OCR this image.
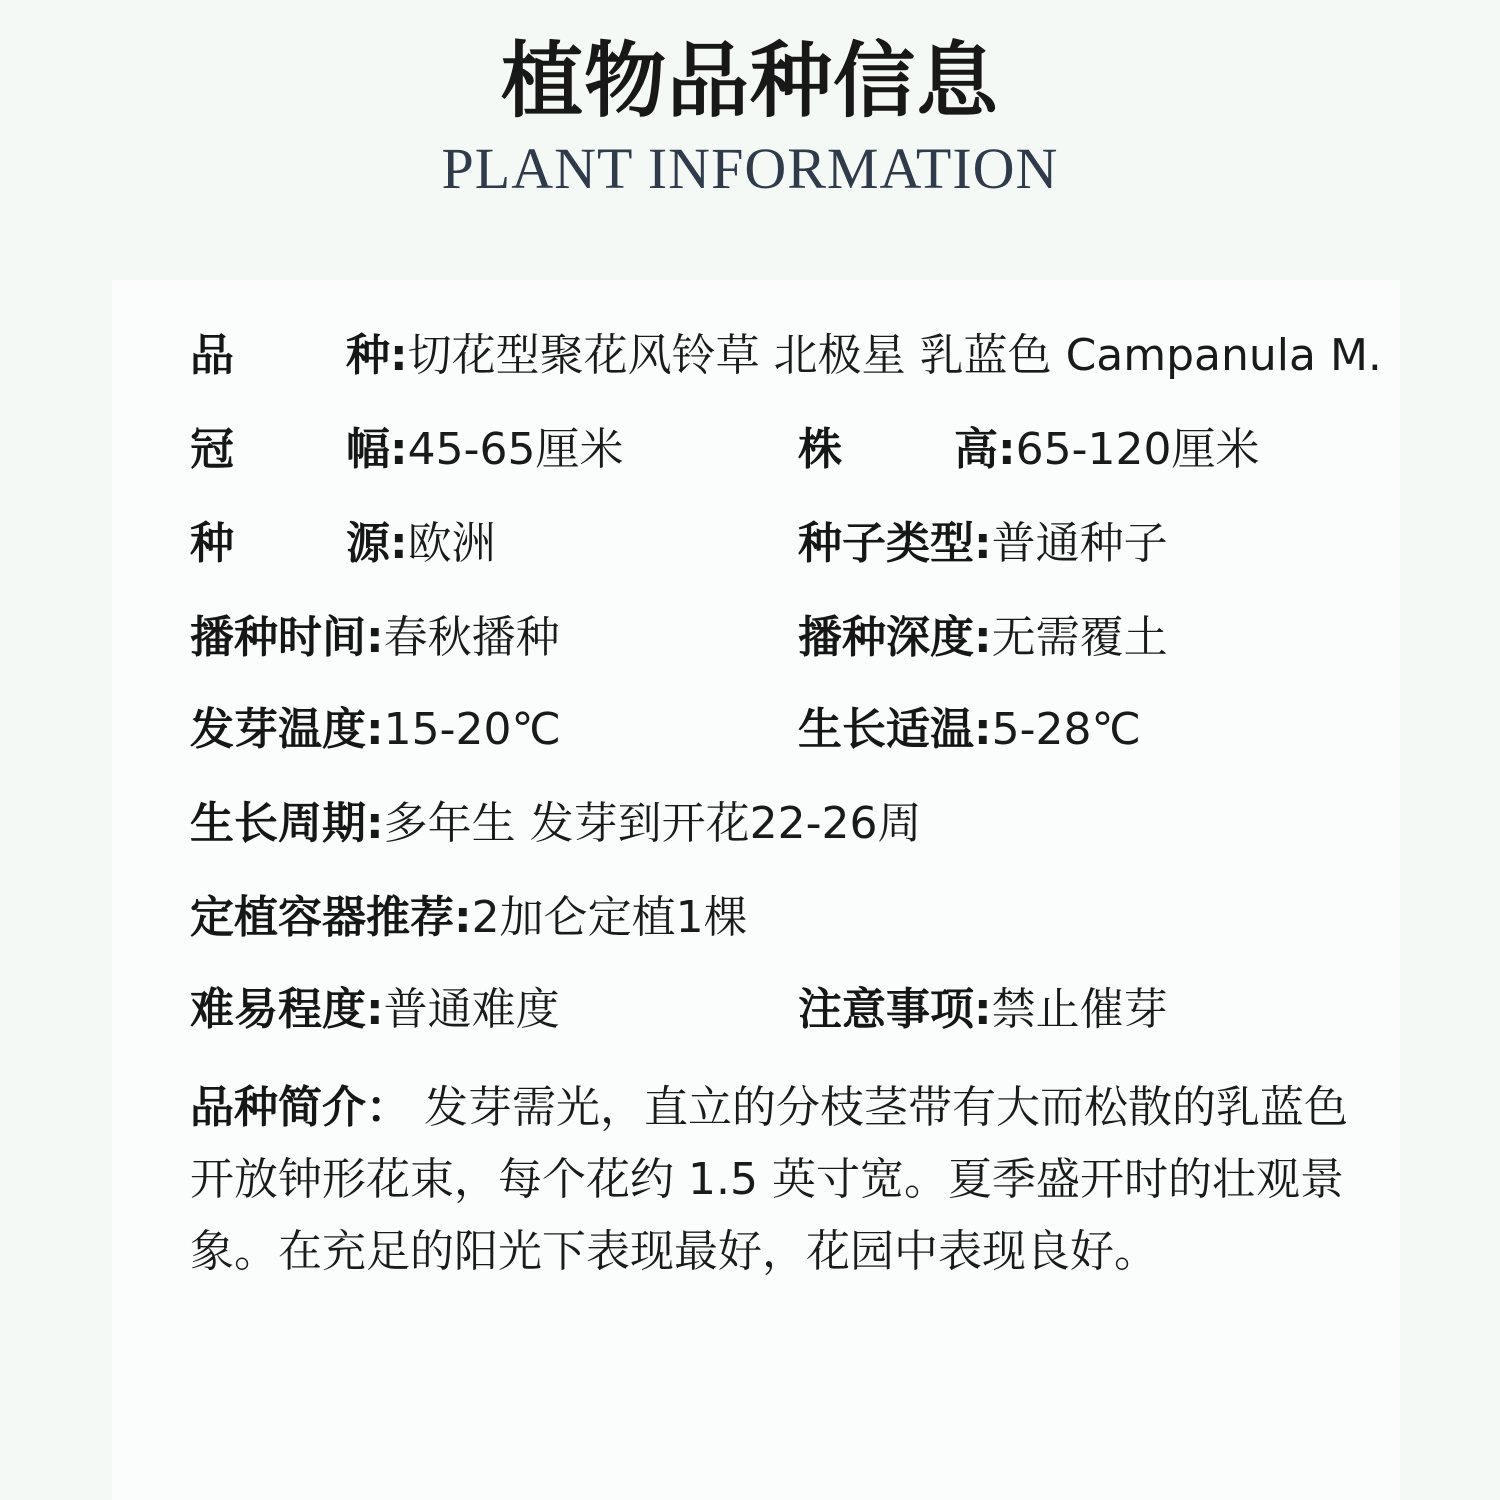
植物品种信息
PLANT INFORMATION
品种:切花型聚花风铃草 北极星 乳蓝色 Campanula M.
冠幅:45-65厘米	株高:65-120厘米
种源:欧洲	种子类型:普通种子
播种时间:春秋播种	播种深度:无需覆土
发芽温度:15-20℃	生长适温:5-28℃
生长周期:多年生 发芽到开花22-26周
定植容器推荐:2加仑定植1棵
难易程度:普通难度	注意事项:禁止催芽
品种简介： 发芽需光，直立的分枝茎带有大而松散的乳蓝色开放钟形花束，每个花约 1.5 英寸宽。夏季盛开时的壮观景象。在充足的阳光下表现最好，花园中表现良好。
